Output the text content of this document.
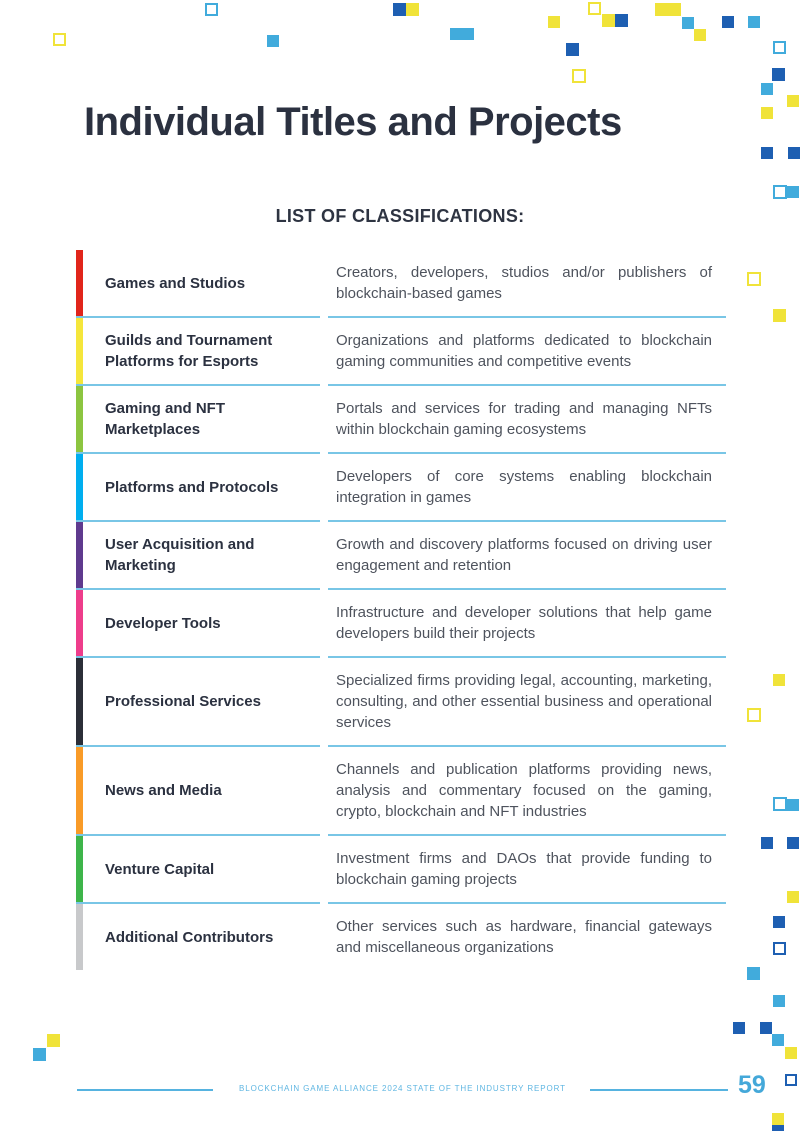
Individual Titles and Projects
LIST OF CLASSIFICATIONS:
Games and Studios
Creators, developers, studios and/or publishers of blockchain-based games
Guilds and Tournament Platforms for Esports
Organizations and platforms dedicated to blockchain gaming communities and competitive events
Gaming and NFT Marketplaces
Portals and services for trading and managing NFTs within blockchain gaming ecosystems
Platforms and Protocols
Developers of core systems enabling blockchain integration in games
User Acquisition and Marketing
Growth and discovery platforms focused on driving user engagement and retention
Developer Tools
Infrastructure and developer solutions that help game developers build their projects
Professional Services
Specialized firms providing legal, accounting, marketing, consulting, and other essential business and operational services
News and Media
Channels and publication platforms providing news, analysis and commentary focused on the gaming, crypto, blockchain and NFT industries
Venture Capital
Investment firms and DAOs that provide funding to blockchain gaming projects
Additional Contributors
Other services such as hardware, financial gateways and miscellaneous organizations
BLOCKCHAIN GAME ALLIANCE 2024 STATE OF THE INDUSTRY REPORT	59
